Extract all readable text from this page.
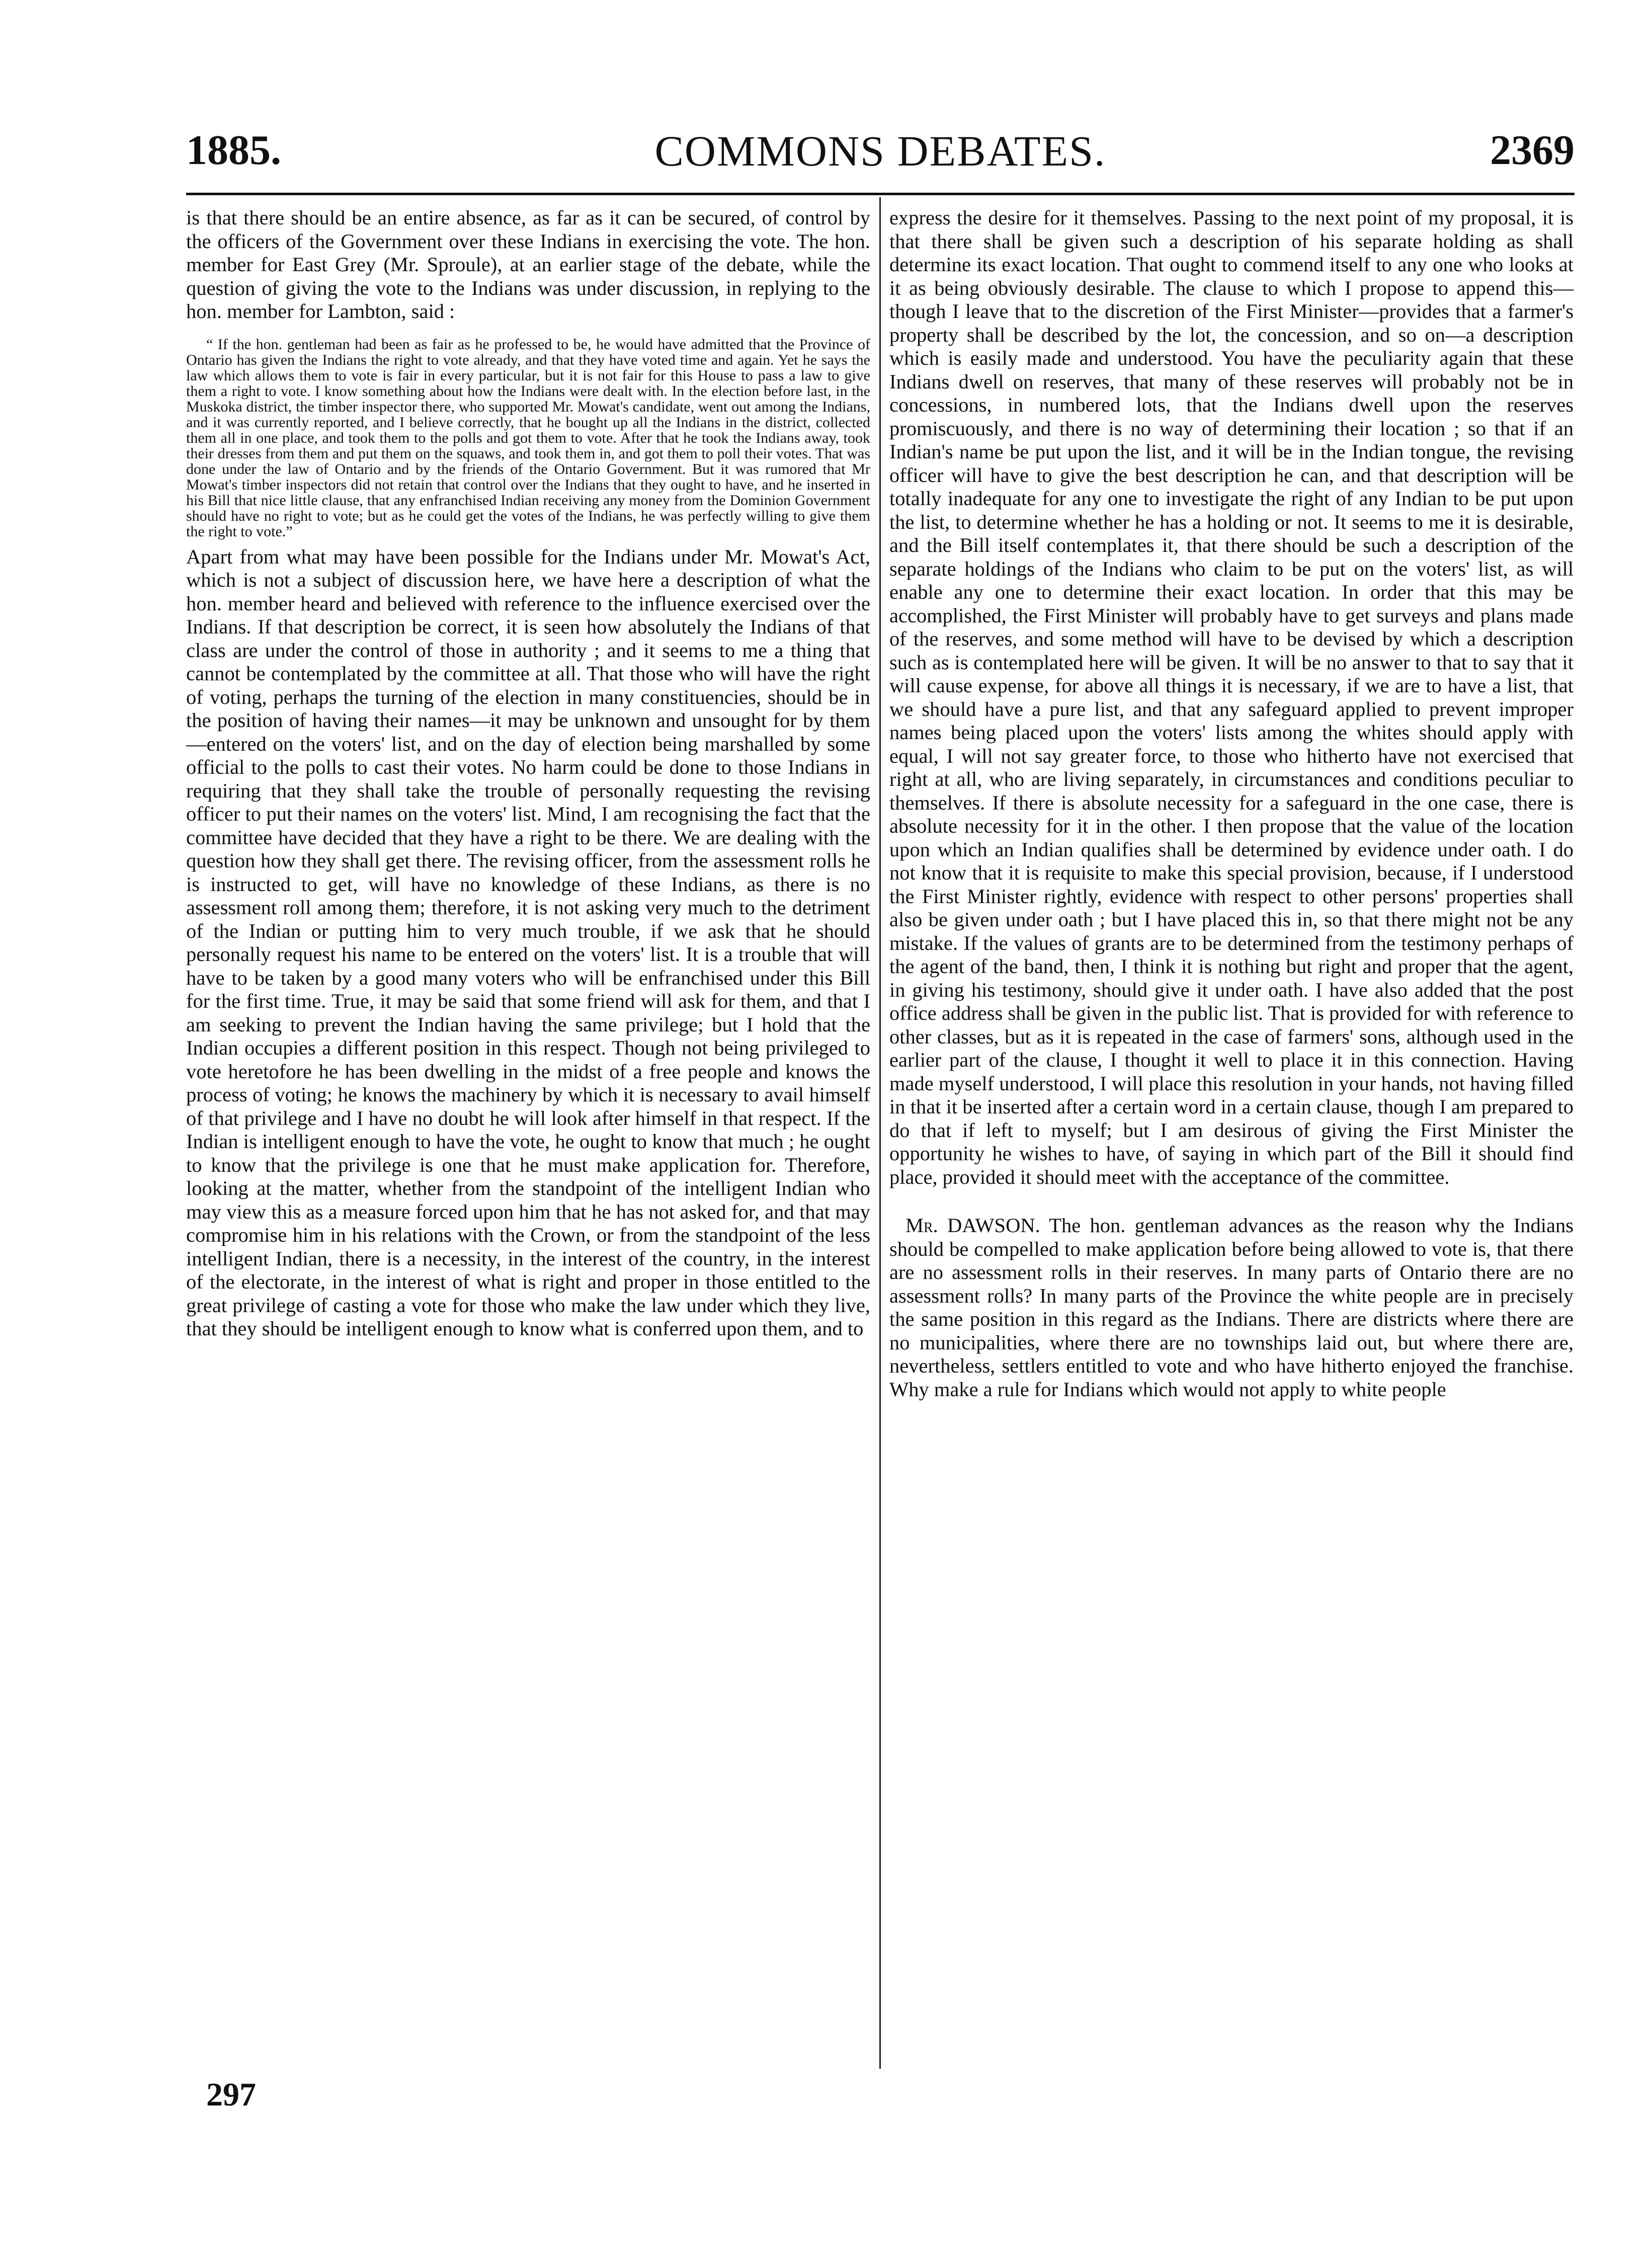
1885.	COMMONS DEBATES.	2369

is that there should be an entire absence, as far as it can be secured, of control by the officers of the Government over these Indians in exercising the vote. The hon. member for East Grey (Mr. Sproule), at an earlier stage of the debate, while the question of giving the vote to the Indians was under discussion, in replying to the hon. member for Lambton, said :

“ If the hon. gentleman had been as fair as he professed to be, he would have admitted that the Province of Ontario has given the Indians the right to vote already, and that they have voted time and again. Yet he says the law which allows them to vote is fair in every particular, but it is not fair for this House to pass a law to give them a right to vote. I know something about how the Indians were dealt with. In the election before last, in the Muskoka district, the timber inspector there, who supported Mr. Mowat's candidate, went out among the Indians, and it was currently reported, and I believe correctly, that he bought up all the Indians in the district, collected them all in one place, and took them to the polls and got them to vote. After that he took the Indians away, took their dresses from them and put them on the squaws, and took them in, and got them to poll their votes. That was done under the law of Ontario and by the friends of the Ontario Government. But it was rumored that Mr Mowat's timber inspectors did not retain that control over the Indians that they ought to have, and he inserted in his Bill that nice little clause, that any enfranchised Indian receiving any money from the Dominion Government should have no right to vote; but as he could get the votes of the Indians, he was perfectly willing to give them the right to vote.”

Apart from what may have been possible for the Indians under Mr. Mowat's Act, which is not a subject of discussion here, we have here a description of what the hon. member heard and believed with reference to the influence exercised over the Indians. If that description be correct, it is seen how absolutely the Indians of that class are under the control of those in authority ; and it seems to me a thing that cannot be contemplated by the committee at all. That those who will have the right of voting, perhaps the turning of the election in many constituencies, should be in the position of having their names—it may be unknown and unsought for by them—entered on the voters' list, and on the day of election being marshalled by some official to the polls to cast their votes. No harm could be done to those Indians in requiring that they shall take the trouble of personally requesting the revising officer to put their names on the voters' list. Mind, I am recognising the fact that the committee have decided that they have a right to be there. We are dealing with the question how they shall get there. The revising officer, from the assessment rolls he is instructed to get, will have no knowledge of these Indians, as there is no assessment roll among them; therefore, it is not asking very much to the detriment of the Indian or putting him to very much trouble, if we ask that he should personally request his name to be entered on the voters' list. It is a trouble that will have to be taken by a good many voters who will be enfranchised under this Bill for the first time. True, it may be said that some friend will ask for them, and that I am seeking to prevent the Indian having the same privilege; but I hold that the Indian occupies a different position in this respect. Though not being privileged to vote heretofore he has been dwelling in the midst of a free people and knows the process of voting; he knows the machinery by which it is necessary to avail himself of that privilege and I have no doubt he will look after himself in that respect. If the Indian is intelligent enough to have the vote, he ought to know that much ; he ought to know that the privilege is one that he must make application for. Therefore, looking at the matter, whether from the standpoint of the intelligent Indian who may view this as a measure forced upon him that he has not asked for, and that may compromise him in his relations with the Crown, or from the standpoint of the less intelligent Indian, there is a necessity, in the interest of the country, in the interest of the electorate, in the interest of what is right and proper in those entitled to the great privilege of casting a vote for those who make the law under which they live, that they should be intelligent enough to know what is conferred upon them, and to

express the desire for it themselves. Passing to the next point of my proposal, it is that there shall be given such a description of his separate holding as shall determine its exact location. That ought to commend itself to any one who looks at it as being obviously desirable. The clause to which I propose to append this—though I leave that to the discretion of the First Minister—provides that a farmer's property shall be described by the lot, the concession, and so on—a description which is easily made and understood. You have the peculiarity again that these Indians dwell on reserves, that many of these reserves will probably not be in concessions, in numbered lots, that the Indians dwell upon the reserves promiscuously, and there is no way of determining their location ; so that if an Indian's name be put upon the list, and it will be in the Indian tongue, the revising officer will have to give the best description he can, and that description will be totally inadequate for any one to investigate the right of any Indian to be put upon the list, to determine whether he has a holding or not. It seems to me it is desirable, and the Bill itself contemplates it, that there should be such a description of the separate holdings of the Indians who claim to be put on the voters' list, as will enable any one to determine their exact location. In order that this may be accomplished, the First Minister will probably have to get surveys and plans made of the reserves, and some method will have to be devised by which a description such as is contemplated here will be given. It will be no answer to that to say that it will cause expense, for above all things it is necessary, if we are to have a list, that we should have a pure list, and that any safeguard applied to prevent improper names being placed upon the voters' lists among the whites should apply with equal, I will not say greater force, to those who hitherto have not exercised that right at all, who are living separately, in circumstances and conditions peculiar to themselves. If there is absolute necessity for a safeguard in the one case, there is absolute necessity for it in the other. I then propose that the value of the location upon which an Indian qualifies shall be determined by evidence under oath. I do not know that it is requisite to make this special provision, because, if I understood the First Minister rightly, evidence with respect to other persons' properties shall also be given under oath ; but I have placed this in, so that there might not be any mistake. If the values of grants are to be determined from the testimony perhaps of the agent of the band, then, I think it is nothing but right and proper that the agent, in giving his testimony, should give it under oath. I have also added that the post office address shall be given in the public list. That is provided for with reference to other classes, but as it is repeated in the case of farmers' sons, although used in the earlier part of the clause, I thought it well to place it in this connection. Having made myself understood, I will place this resolution in your hands, not having filled in that it be inserted after a certain word in a certain clause, though I am prepared to do that if left to myself; but I am desirous of giving the First Minister the opportunity he wishes to have, of saying in which part of the Bill it should find place, provided it should meet with the acceptance of the committee.

Mr. DAWSON. The hon. gentleman advances as the reason why the Indians should be compelled to make application before being allowed to vote is, that there are no assessment rolls in their reserves. In many parts of Ontario there are no assessment rolls? In many parts of the Province the white people are in precisely the same position in this regard as the Indians. There are districts where there are no municipalities, where there are no townships laid out, but where there are, nevertheless, settlers entitled to vote and who have hitherto enjoyed the franchise. Why make a rule for Indians which would not apply to white people

297
